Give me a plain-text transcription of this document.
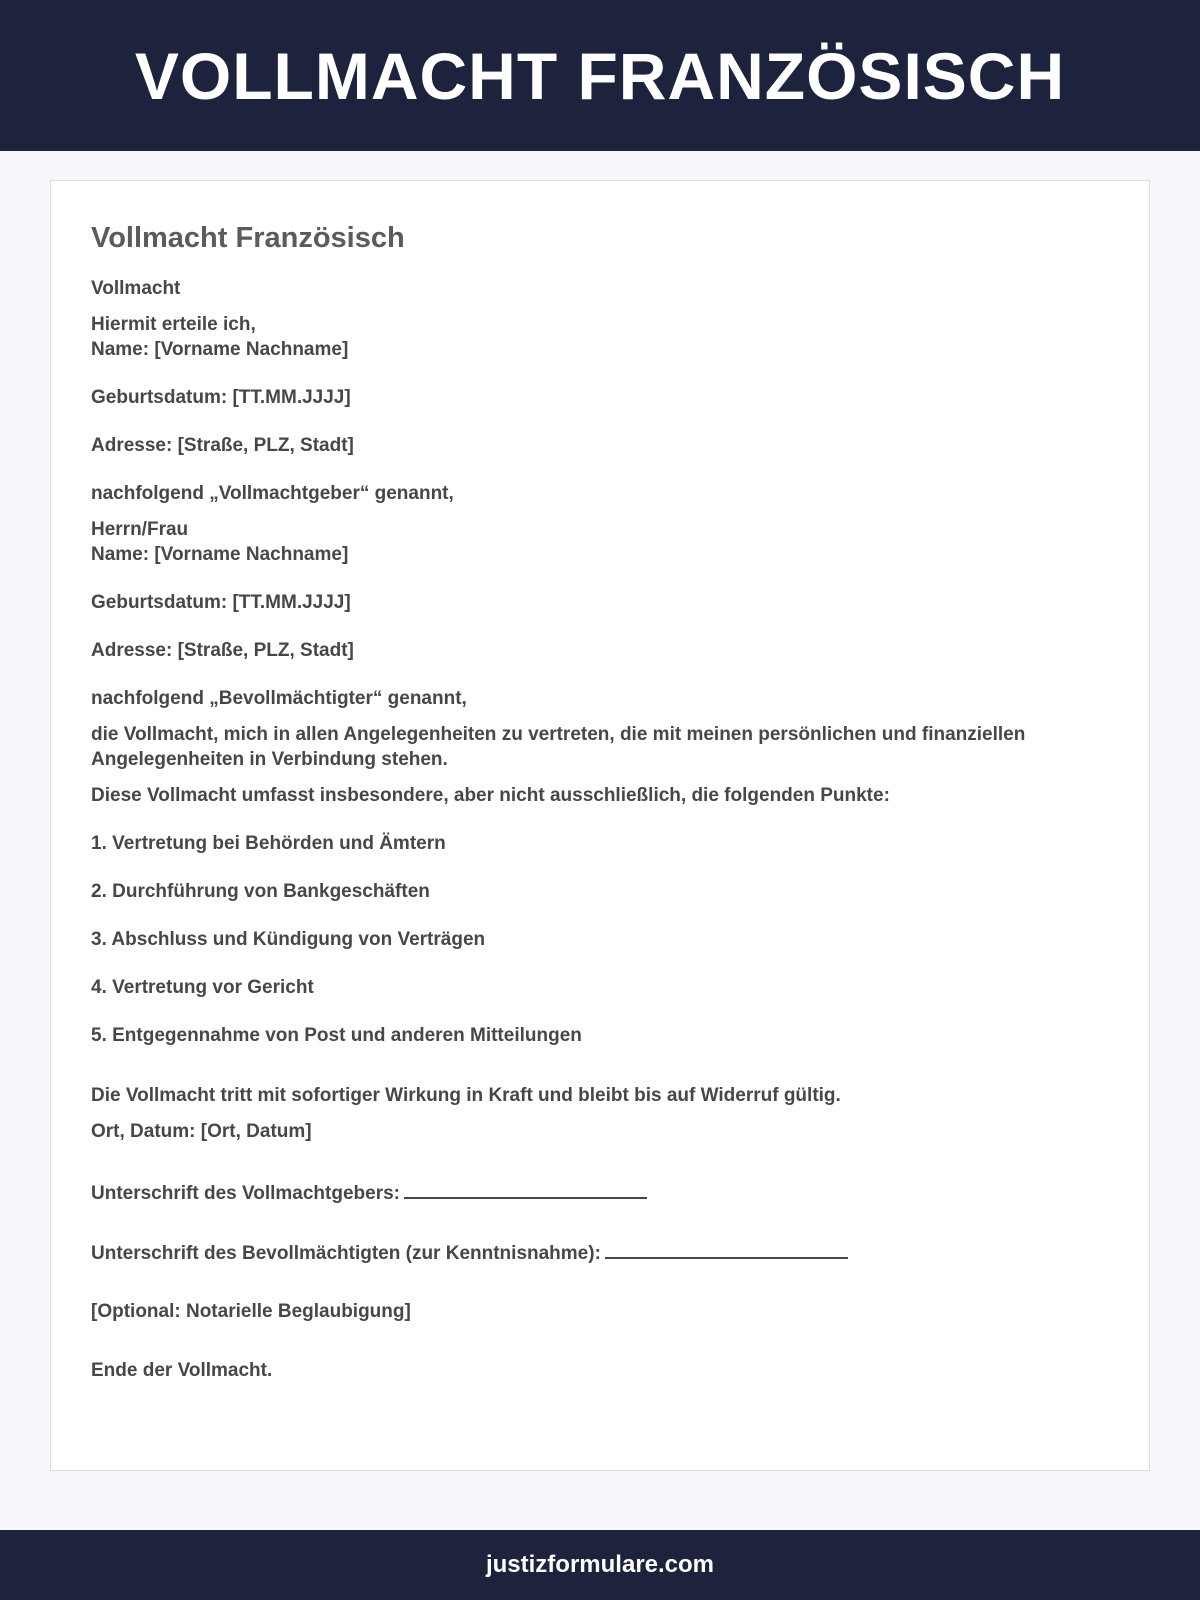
VOLLMACHT FRANZÖSISCH
Vollmacht Französisch
Vollmacht
Hiermit erteile ich,
Name: [Vorname Nachname]
Geburtsdatum: [TT.MM.JJJJ]
Adresse: [Straße, PLZ, Stadt]
nachfolgend „Vollmachtgeber“ genannt,
Herrn/Frau
Name: [Vorname Nachname]
Geburtsdatum: [TT.MM.JJJJ]
Adresse: [Straße, PLZ, Stadt]
nachfolgend „Bevollmächtigter“ genannt,
die Vollmacht, mich in allen Angelegenheiten zu vertreten, die mit meinen persönlichen und finanziellen Angelegenheiten in Verbindung stehen.
Diese Vollmacht umfasst insbesondere, aber nicht ausschließlich, die folgenden Punkte:
1. Vertretung bei Behörden und Ämtern
2. Durchführung von Bankgeschäften
3. Abschluss und Kündigung von Verträgen
4. Vertretung vor Gericht
5. Entgegennahme von Post und anderen Mitteilungen
Die Vollmacht tritt mit sofortiger Wirkung in Kraft und bleibt bis auf Widerruf gültig.
Ort, Datum: [Ort, Datum]
Unterschrift des Vollmachtgebers:
Unterschrift des Bevollmächtigten (zur Kenntnisnahme):
[Optional: Notarielle Beglaubigung]
Ende der Vollmacht.
justizformulare.com
